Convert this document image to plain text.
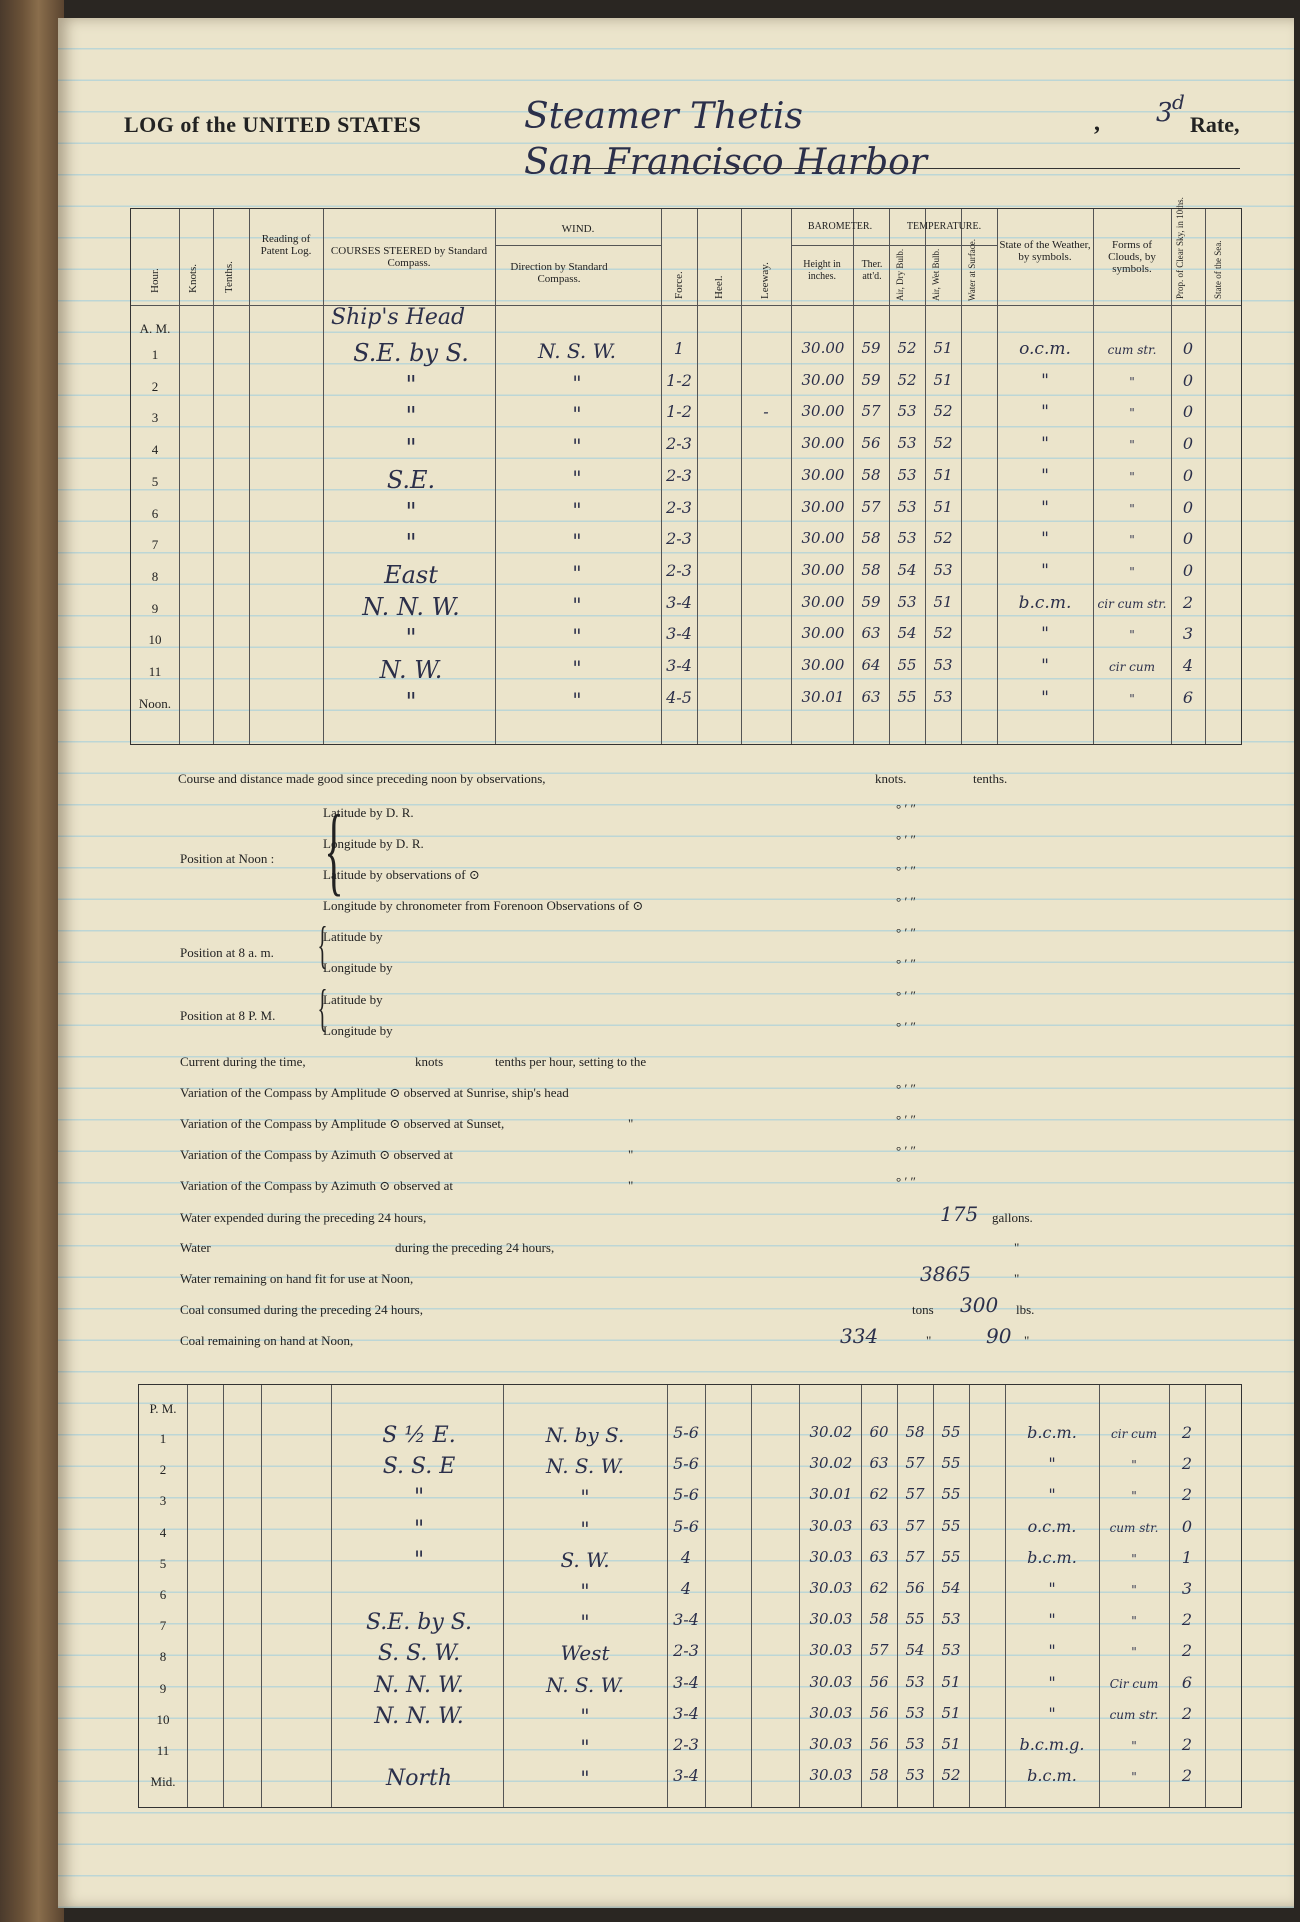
LOG of the UNITED STATES	Steamer Thetis
San Francisco Harbor
, 3 d
Rate,
Hour. Knots. Tenths.
Reading of Patent Log.	COURSES STEERED by Standard Compass.
WIND.
Direction by Standard Compass.	Force.	Heel.	Leeway.
BAROMETER.
Height in inches.
Ther. att'd.
TEMPERATURE.
Air, Dry Bulb.	Air, Wet Bulb.	Water at Surface. State of the Weather, by symbols.
Forms of Clouds, by symbols.	Prop. of Clear Sky, in 10ths.	State of the Sea.
A. M.	Ship's Head
1	S.E. by S.	N. S. W.	1	30.00	59	52	51	o.c.m.	cum str.	0
2	"	"	1-2	30.00	59	52	51	"	"	0
3	"	"	1-2	-	30.00	57	53	52	"	"	0
4	"	"	2-3	30.00	56	53	52	"	"	0
5	S.E.	"	2-3	30.00	58	53	51	"	"	0
6	"	"	2-3	30.00	57	53	51	"	"	0
7	"	"	2-3	30.00	58	53	52	"	"	0
8	East	"	2-3	30.00	58	54	53	"	"	0
9	N. N. W.	"	3-4	30.00	59	53	51	b.c.m.	cir cum str.	2
10	"	"	3-4	30.00	63	54	52	"	"	3
11	N. W.	"	3-4	30.00	64	55	53	"	cir cum	4
Noon.	"	"	4-5	30.01	63	55	53	"	"	6
Course and distance made good since preceding noon by observations,	knots.	tenths.
Position at Noon : {
Latitude by D. R.
Longitude by D. R.
Latitude by observations of ⊙
Longitude by chronometer from Forenoon Observations of ⊙
Position at 8 a. m. {
Latitude by
Longitude by
Position at 8 P. M. {
Latitude by
Longitude by
Current during the time,	knots	tenths per hour, setting to the
Variation of the Compass by Amplitude ⊙ observed at Sunrise, ship's head
Variation of the Compass by Amplitude ⊙ observed at Sunset,	"
Variation of the Compass by Azimuth ⊙ observed at	"
Variation of the Compass by Azimuth ⊙ observed at	"
° ′ ″
° ′ ″
° ′ ″
° ′ ″
° ′ ″
° ′ ″
° ′ ″
° ′ ″
° ′ ″
° ′ ″
° ′ ″
° ′ ″
Water expended during the preceding 24 hours,	175 gallons.
Water	during the preceding 24 hours,	"
Water remaining on hand fit for use at Noon,	3865	"
Coal consumed during the preceding 24 hours,	tons 300 lbs.
Coal remaining on hand at Noon,	334	"	90 "
P. M.
1	S ½ E.	N. by S.	5-6	30.02	60	58	55	b.c.m.	cir cum	2
2	S. S. E	N. S. W.	5-6	30.02	63	57	55	"	"	2
3	"	"	5-6	30.01	62	57	55	"	"	2
4	"	"	5-6	30.03	63	57	55	o.c.m.	cum str.	0
5	"	S. W.	4	30.03	63	57	55	b.c.m.	"	1
6	"	4	30.03	62	56	54	"	"	3
7	S.E. by S.	"	3-4	30.03	58	55	53	"	"	2
8	S. S. W.	West	2-3	30.03	57	54	53	"	"	2
9	N. N. W.	N. S. W.	3-4	30.03	56	53	51	"	Cir cum	6
10	N. N. W.	"	3-4	30.03	56	53	51	"	cum str.	2
11	"	2-3	30.03	56	53	51	b.c.m.g.	"	2
Mid.	North	"	3-4	30.03	58	53	52	b.c.m.	"	2
